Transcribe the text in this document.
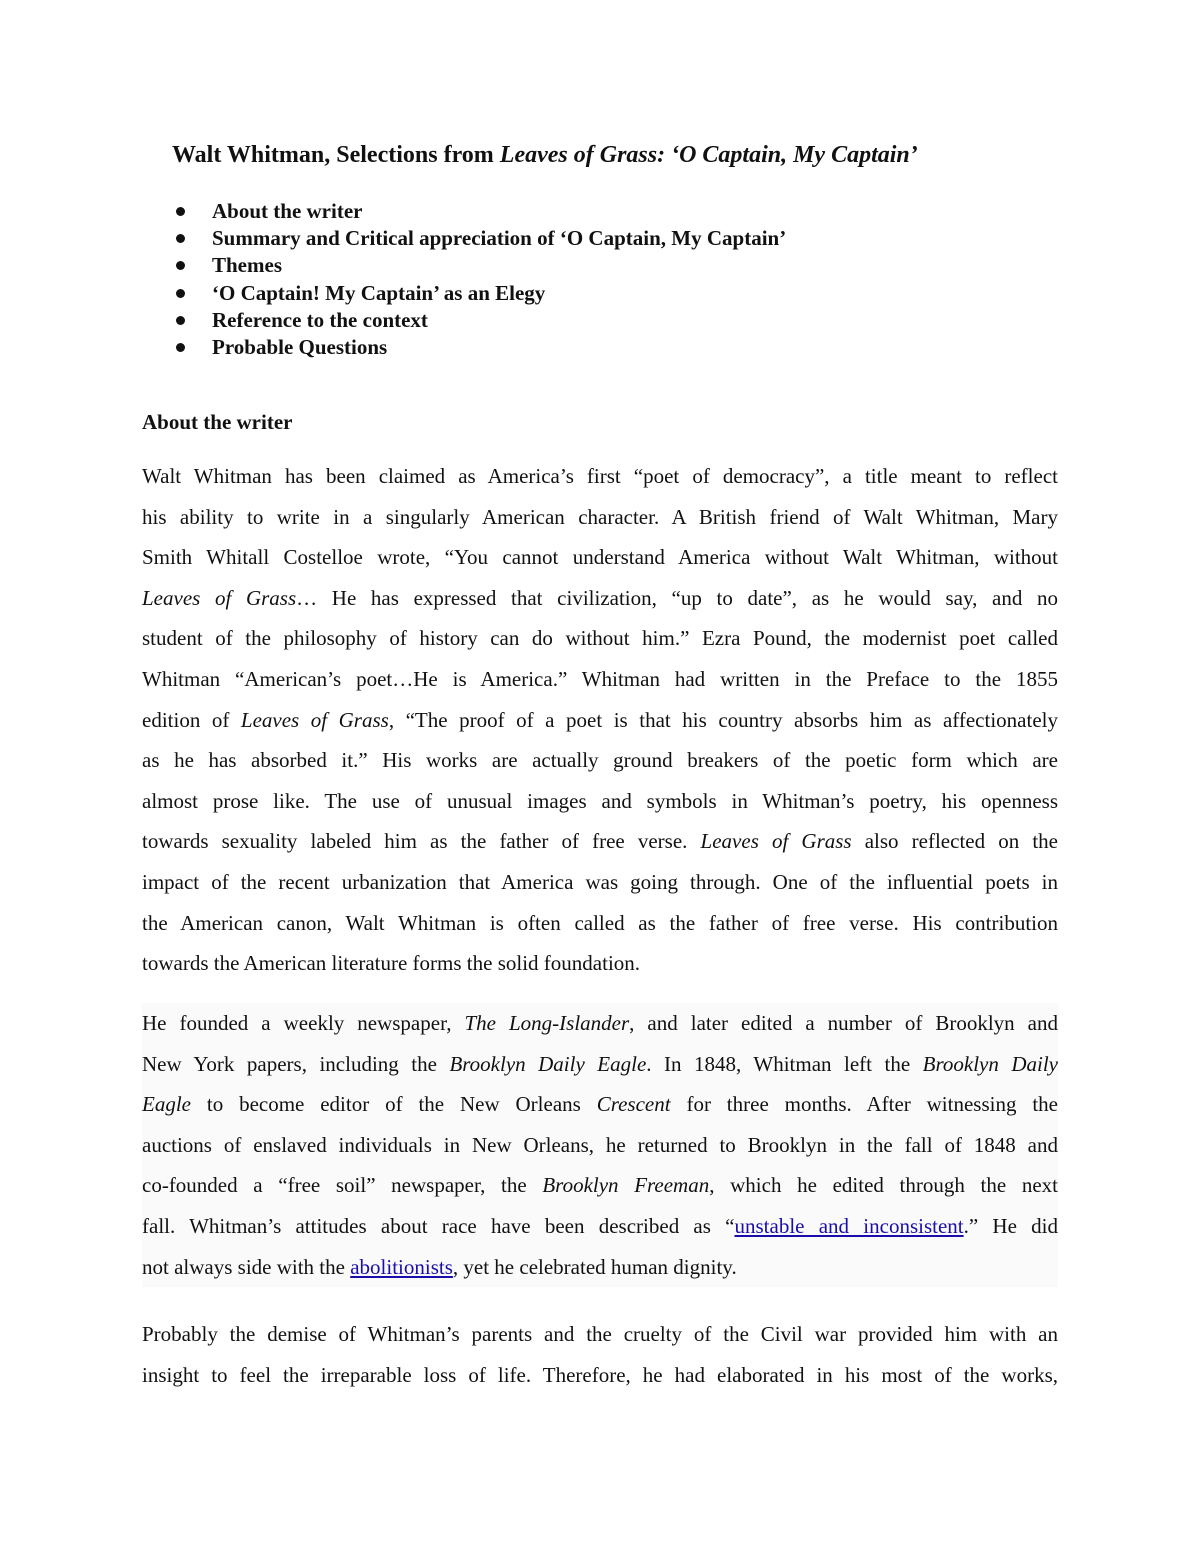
Walt Whitman, Selections from Leaves of Grass: ‘O Captain, My Captain’
About the writer
Summary and Critical appreciation of ‘O Captain, My Captain’
Themes
‘O Captain! My Captain’ as an Elegy
Reference to the context
Probable Questions
About the writer

Walt Whitman has been claimed as America’s first “poet of democracy”, a title meant to reflect
his ability to write in a singularly American character. A British friend of Walt Whitman, Mary
Smith Whitall Costelloe wrote, “You cannot understand America without Walt Whitman, without
Leaves of Grass… He has expressed that civilization, “up to date”, as he would say, and no
student of the philosophy of history can do without him.” Ezra Pound, the modernist poet called
Whitman “American’s poet…He is America.” Whitman had written in the Preface to the 1855
edition of Leaves of Grass, “The proof of a poet is that his country absorbs him as affectionately
as he has absorbed it.” His works are actually ground breakers of the poetic form which are
almost prose like. The use of unusual images and symbols in Whitman’s poetry, his openness
towards sexuality labeled him as the father of free verse. Leaves of Grass also reflected on the
impact of the recent urbanization that America was going through. One of the influential poets in
the American canon, Walt Whitman is often called as the father of free verse. His contribution
towards the American literature forms the solid foundation.

He founded a weekly newspaper, The Long-Islander, and later edited a number of Brooklyn and
New York papers, including the Brooklyn Daily Eagle. In 1848, Whitman left the Brooklyn Daily
Eagle to become editor of the New Orleans Crescent for three months. After witnessing the
auctions of enslaved individuals in New Orleans, he returned to Brooklyn in the fall of 1848 and
co-founded a “free soil” newspaper, the Brooklyn Freeman, which he edited through the next
fall. Whitman’s attitudes about race have been described as “unstable and inconsistent.” He did
not always side with the abolitionists, yet he celebrated human dignity.

Probably the demise of Whitman’s parents and the cruelty of the Civil war provided him with an
insight to feel the irreparable loss of life. Therefore, he had elaborated in his most of the works,
